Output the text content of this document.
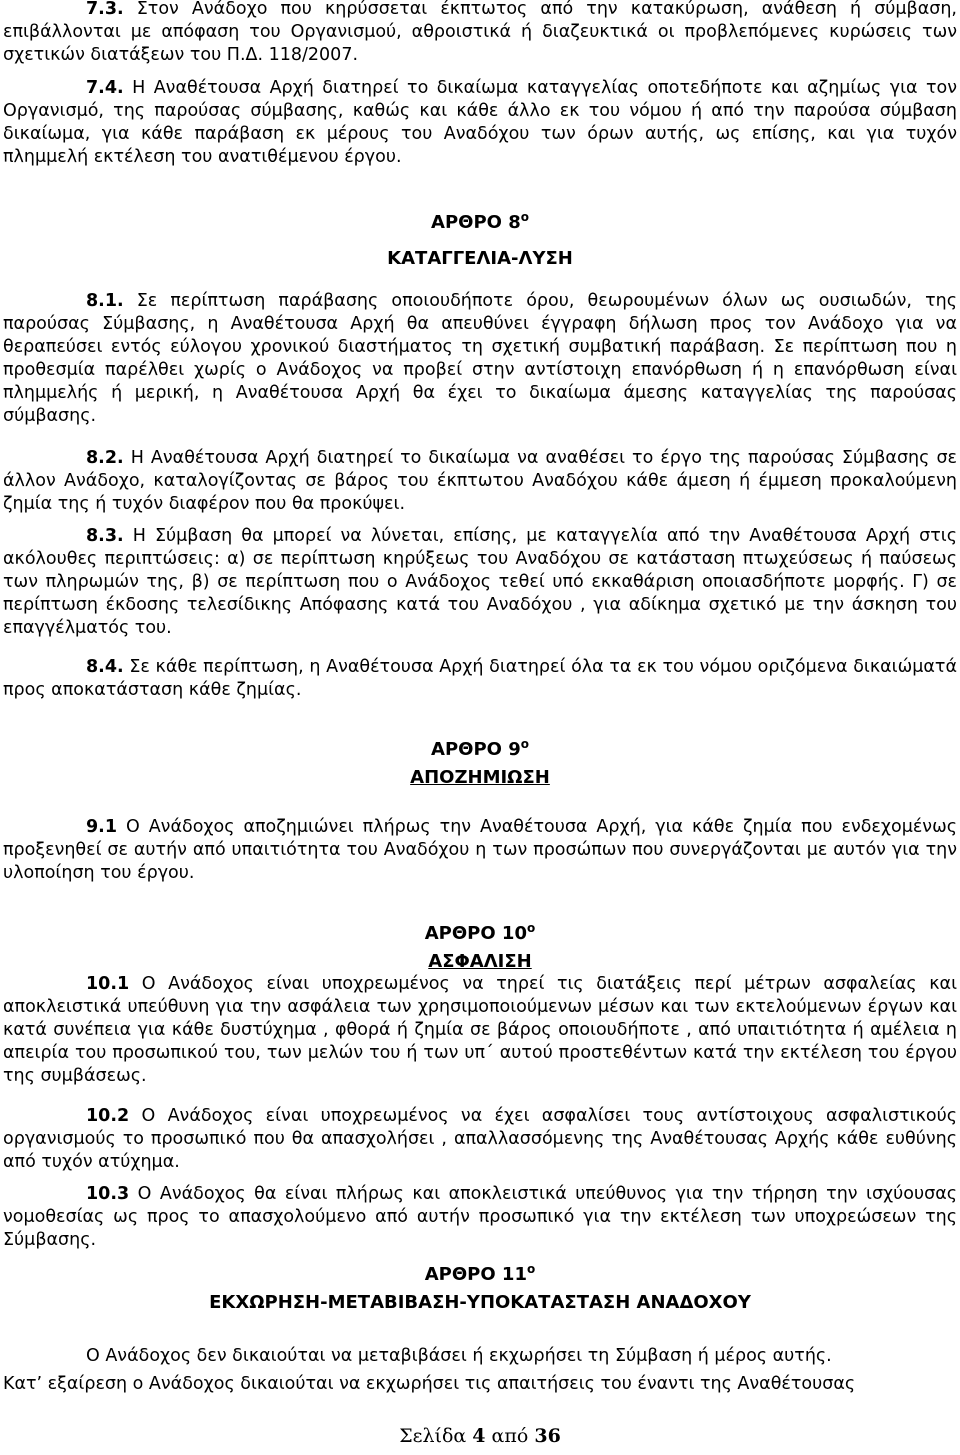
7.3. Στον Ανάδοχο που κηρύσσεται έκπτωτος από την κατακύρωση, ανάθεση ή σύμβαση, επιβάλλονται με απόφαση του Οργανισμού, αθροιστικά ή διαζευκτικά οι προβλεπόμενες κυρώσεις των σχετικών διατάξεων του Π.Δ. 118/2007.

7.4. Η Αναθέτουσα Αρχή διατηρεί το δικαίωμα καταγγελίας οποτεδήποτε και αζημίως για τον Οργανισμό, της παρούσας σύμβασης, καθώς και κάθε άλλο εκ του νόμου ή από την παρούσα σύμβαση δικαίωμα, για κάθε παράβαση εκ μέρους του Αναδόχου των όρων αυτής, ως επίσης, και για τυχόν πλημμελή εκτέλεση του ανατιθέμενου έργου.

ΑΡΘΡΟ $8^o$

ΚΑΤΑΓΓΕΛΙΑ-ΛΥΣΗ

8.1. Σε περίπτωση παράβασης οποιουδήποτε όρου, θεωρουμένων όλων ως ουσιωδών, της παρούσας Σύμβασης, η Αναθέτουσα Αρχή θα απευθύνει έγγραφη δήλωση προς τον Ανάδοχο για να θεραπεύσει εντός εύλογου χρονικού διαστήματος τη σχετική συμβατική παράβαση. Σε περίπτωση που η προθεσμία παρέλθει χωρίς ο Ανάδοχος να προβεί στην αντίστοιχη επανόρθωση ή η επανόρθωση είναι πλημμελής ή μερική, η Αναθέτουσα Αρχή θα έχει το δικαίωμα άμεσης καταγγελίας της παρούσας σύμβασης.

8.2. Η Αναθέτουσα Αρχή διατηρεί το δικαίωμα να αναθέσει το έργο της παρούσας Σύμβασης σε άλλον Ανάδοχο, καταλογίζοντας σε βάρος του έκπτωτου Αναδόχου κάθε άμεση ή έμμεση προκαλούμενη ζημία της ή τυχόν διαφέρον που θα προκύψει.

8.3. Η Σύμβαση θα μπορεί να λύνεται, επίσης, με καταγγελία από την Αναθέτουσα Αρχή στις ακόλουθες περιπτώσεις: α) σε περίπτωση κηρύξεως του Αναδόχου σε κατάσταση πτωχεύσεως ή παύσεως των πληρωμών της, β) σε περίπτωση που ο Ανάδοχος τεθεί υπό εκκαθάριση οποιασδήποτε μορφής. Γ) σε περίπτωση έκδοσης τελεσίδικης Απόφασης κατά του Αναδόχου , για αδίκημα σχετικό με την άσκηση του επαγγέλματός του.

8.4. Σε κάθε περίπτωση, η Αναθέτουσα Αρχή διατηρεί όλα τα εκ του νόμου οριζόμενα δικαιώματά προς αποκατάσταση κάθε ζημίας.

ΑΡΘΡΟ $9^o$

ΑΠΟΖΗΜΙΩΣΗ

9.1 Ο Ανάδοχος αποζημιώνει πλήρως την Αναθέτουσα Αρχή, για κάθε ζημία που ενδεχομένως προξενηθεί σε αυτήν από υπαιτιότητα του Αναδόχου η των προσώπων που συνεργάζονται με αυτόν για την υλοποίηση του έργου.

ΑΡΘΡΟ $10^o$

ΑΣΦΑΛΙΣΗ

10.1 Ο Ανάδοχος είναι υποχρεωμένος να τηρεί τις διατάξεις περί μέτρων ασφαλείας και αποκλειστικά υπεύθυνη για την ασφάλεια των χρησιμοποιούμενων μέσων και των εκτελούμενων έργων και κατά συνέπεια για κάθε δυστύχημα , φθορά ή ζημία σε βάρος οποιουδήποτε , από υπαιτιότητα ή αμέλεια η απειρία του προσωπικού του, των μελών του ή των υπ΄ αυτού προστεθέντων κατά την εκτέλεση του έργου της συμβάσεως.

10.2 Ο Ανάδοχος είναι υποχρεωμένος να έχει ασφαλίσει τους αντίστοιχους ασφαλιστικούς οργανισμούς το προσωπικό που θα απασχολήσει , απαλλασσόμενης της Αναθέτουσας Αρχής κάθε ευθύνης από τυχόν ατύχημα.

10.3 Ο Ανάδοχος θα είναι πλήρως και αποκλειστικά υπεύθυνος για την τήρηση την ισχύουσας νομοθεσίας ως προς το απασχολούμενο από αυτήν προσωπικό για την εκτέλεση των υποχρεώσεων της Σύμβασης.

ΑΡΘΡΟ $11^o$

ΕΚΧΩΡΗΣΗ-ΜΕΤΑΒΙΒΑΣΗ-ΥΠΟΚΑΤΑΣΤΑΣΗ ΑΝΑΔΟΧΟΥ

Ο Ανάδοχος δεν δικαιούται να μεταβιβάσει ή εκχωρήσει τη Σύμβαση ή μέρος αυτής.

Κατ’ εξαίρεση ο Ανάδοχος δικαιούται να εκχωρήσει τις απαιτήσεις του έναντι της Αναθέτουσας

Σελίδα 4 από 36
